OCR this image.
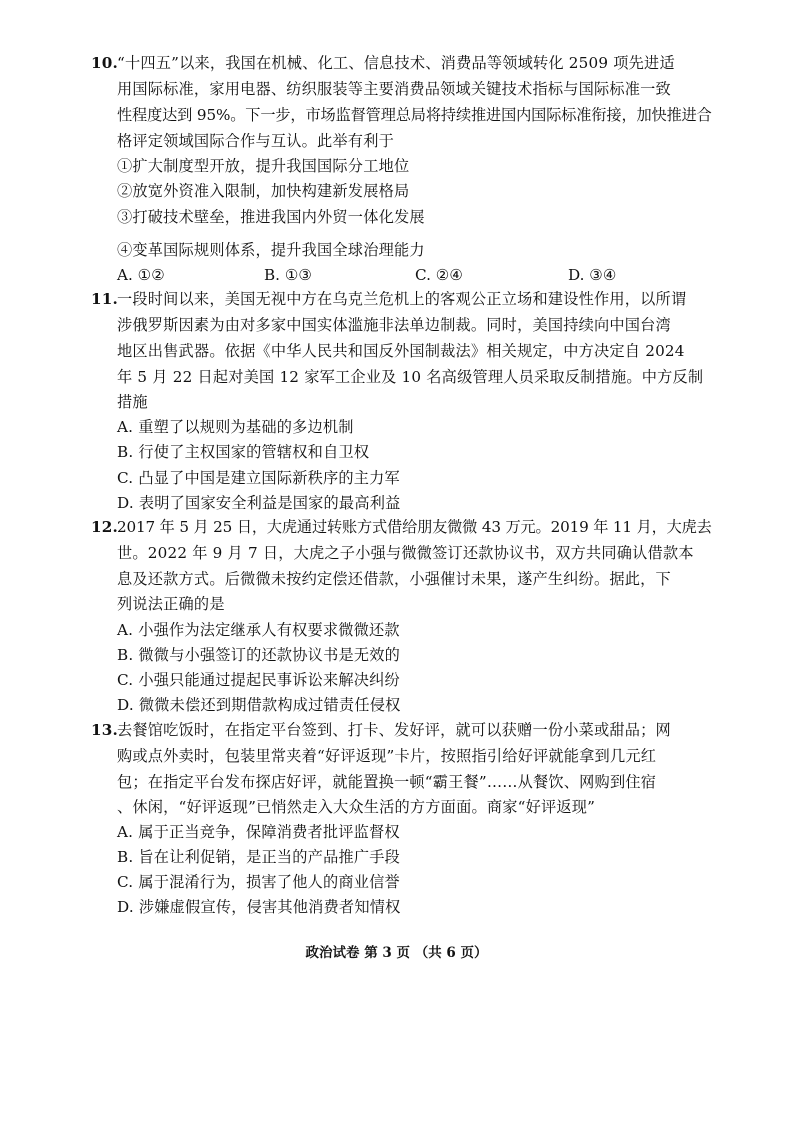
10.
“十四五”以来，我国在机械、化工、信息技术、消费品等领域转化 2509 项先进适
用国际标准，家用电器、纺织服装等主要消费品领域关键技术指标与国际标准一致
性程度达到 95%。下一步，市场监督管理总局将持续推进国内国际标准衔接，加快推进合
格评定领域国际合作与互认。此举有利于
①扩大制度型开放，提升我国国际分工地位
②放宽外资准入限制，加快构建新发展格局
③打破技术壁垒，推进我国内外贸一体化发展
④变革国际规则体系，提升我国全球治理能力
A. ①②	B. ①③	C. ②④	D. ③④
11.
一段时间以来，美国无视中方在乌克兰危机上的客观公正立场和建设性作用，以所谓
涉俄罗斯因素为由对多家中国实体滥施非法单边制裁。同时，美国持续向中国台湾
地区出售武器。依据《中华人民共和国反外国制裁法》相关规定，中方决定自 2024
年 5 月 22 日起对美国 12 家军工企业及 10 名高级管理人员采取反制措施。中方反制
措施
A. 重塑了以规则为基础的多边机制
B. 行使了主权国家的管辖权和自卫权
C. 凸显了中国是建立国际新秩序的主力军
D. 表明了国家安全利益是国家的最高利益
12.
2017 年 5 月 25 日，大虎通过转账方式借给朋友微微 43 万元。2019 年 11 月，大虎去
世。2022 年 9 月 7 日，大虎之子小强与微微签订还款协议书，双方共同确认借款本
息及还款方式。后微微未按约定偿还借款，小强催讨未果，遂产生纠纷。据此，下
列说法正确的是
A. 小强作为法定继承人有权要求微微还款
B. 微微与小强签订的还款协议书是无效的
C. 小强只能通过提起民事诉讼来解决纠纷
D. 微微未偿还到期借款构成过错责任侵权
13.
去餐馆吃饭时，在指定平台签到、打卡、发好评，就可以获赠一份小菜或甜品；网
购或点外卖时，包装里常夹着“好评返现”卡片，按照指引给好评就能拿到几元红
包；在指定平台发布探店好评，就能置换一顿“霸王餐”……从餐饮、网购到住宿
、休闲，“好评返现”已悄然走入大众生活的方方面面。商家“好评返现”
A. 属于正当竞争，保障消费者批评监督权
B. 旨在让利促销，是正当的产品推广手段
C. 属于混淆行为，损害了他人的商业信誉
D. 涉嫌虚假宣传，侵害其他消费者知情权
政治试卷 第 3 页 （共 6 页）
